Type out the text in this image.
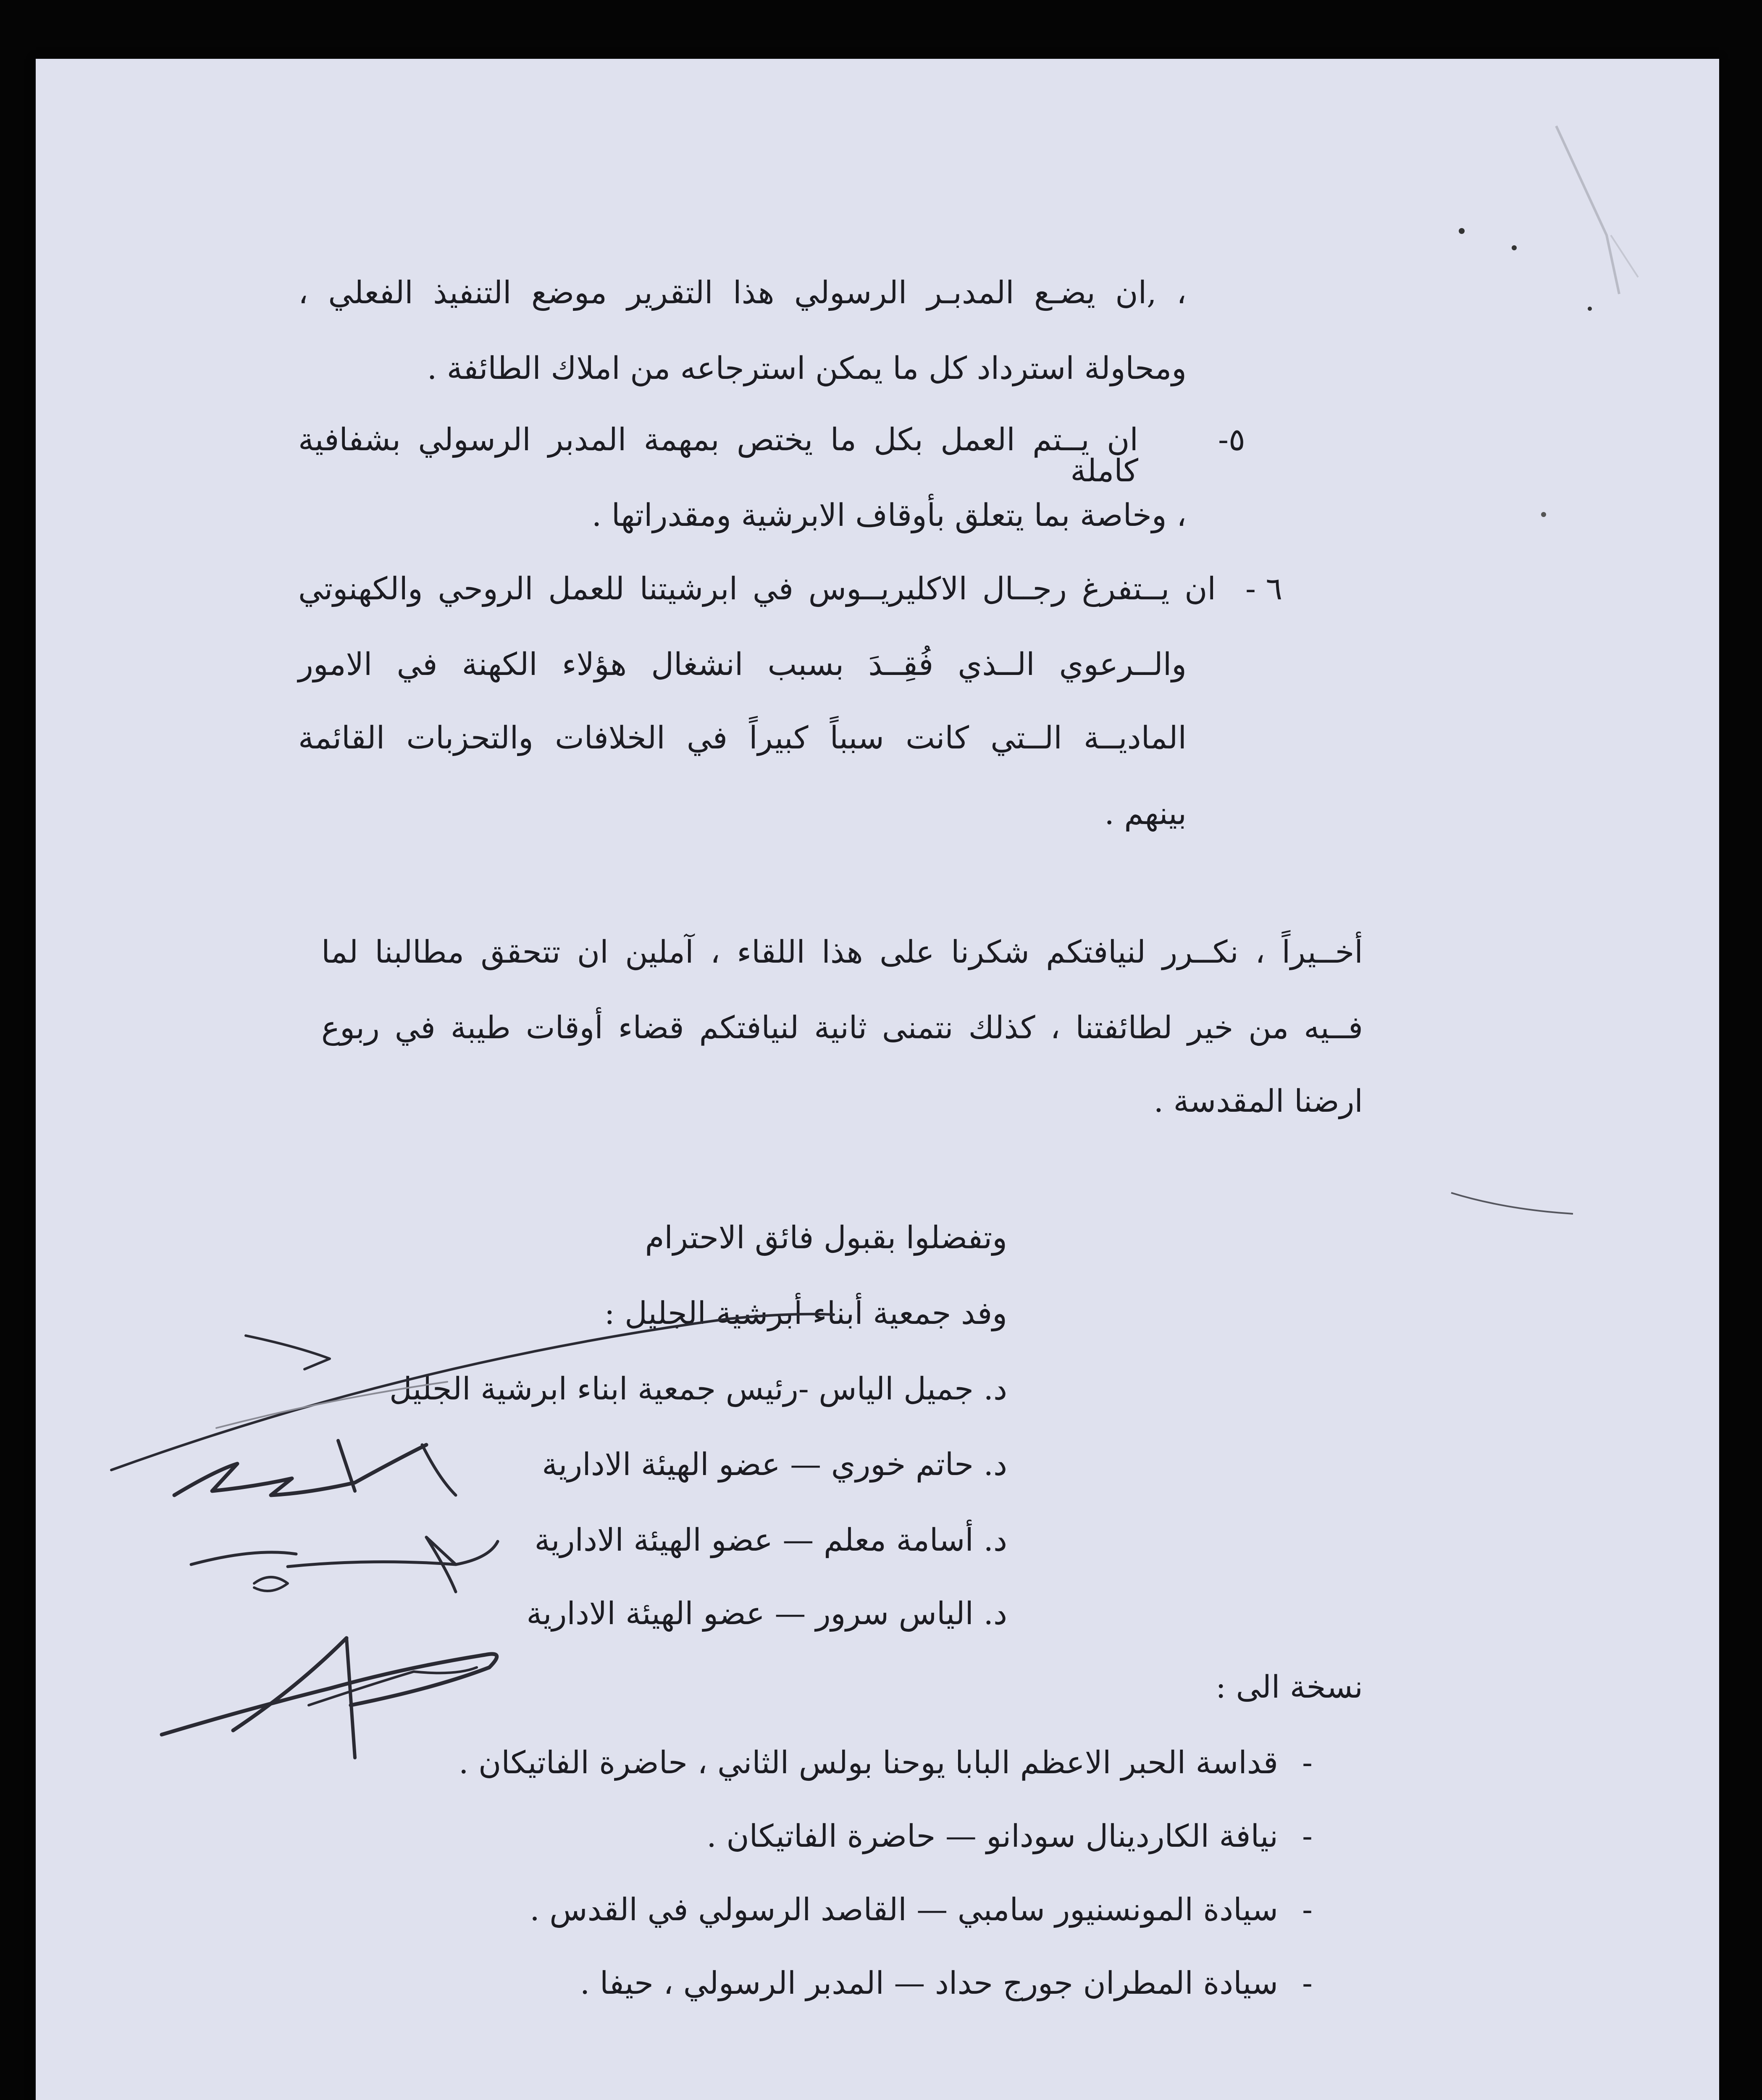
، ,ان يضـع المدبـر الرسولي هذا التقرير موضع التنفيذ الفعلي ،
ومحاولة استرداد كل ما يمكن استرجاعه من املاك الطائفة .
٥-
ان يــتم العمل بكل ما يختص بمهمة المدبر الرسولي بشفافية كاملة
، وخاصة بما يتعلق بأوقاف الابرشية ومقدراتها .
٦ -
ان يــتفرغ رجــال الاكليريــوس في ابرشيتنا للعمل الروحي والكهنوتي
والــرعوي الــذي فُقِــدَ بسبب انشغال هؤلاء الكهنة في الامور
الماديــة الــتي كانت سبباً كبيراً في الخلافات والتحزبات القائمة
بينهم .
أخــيراً ، نكــرر لنيافتكم شكرنا على هذا اللقاء ، آملين ان تتحقق مطالبنا لما
فــيه من خير لطائفتنا ، كذلك نتمنى ثانية لنيافتكم قضاء أوقات طيبة في ربوع
ارضنا المقدسة .
وتفضلوا بقبول فائق الاحترام
وفد جمعية أبناء أبرشية الجليل :
د. جميل الياس -رئيس جمعية ابناء ابرشية الجليل
د. حاتم خوري — عضو الهيئة الادارية
د. أسامة معلم — عضو الهيئة الادارية
د. الياس سرور — عضو الهيئة الادارية
نسخة الى :
-
قداسة الحبر الاعظم البابا يوحنا بولس الثاني ، حاضرة الفاتيكان .
-
نيافة الكاردينال سودانو — حاضرة الفاتيكان .
-
سيادة المونسنيور سامبي — القاصد الرسولي في القدس .
-
سيادة المطران جورج حداد — المدبر الرسولي ، حيفا .
